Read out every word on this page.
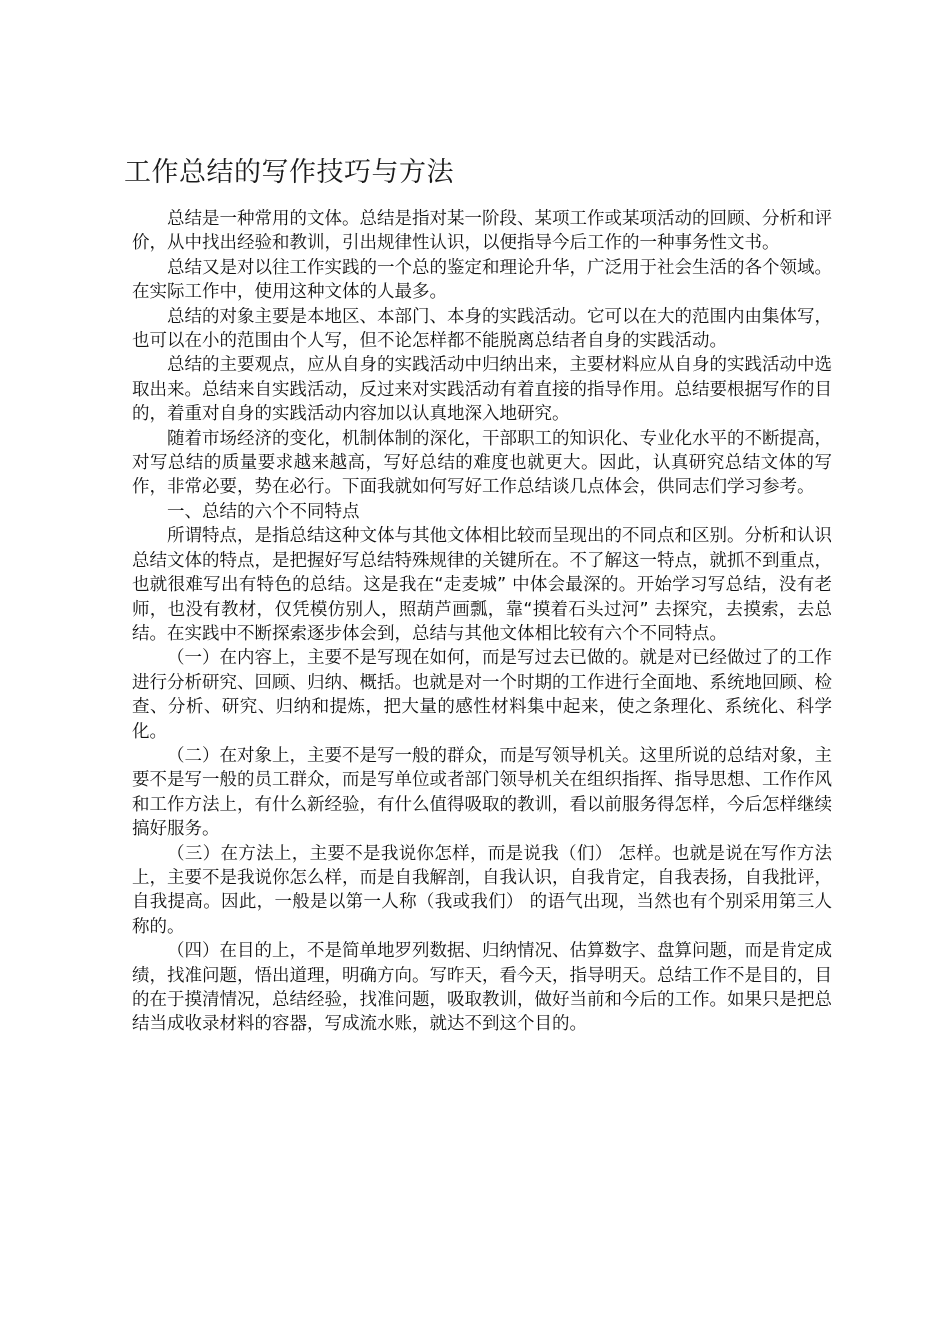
工作总结的写作技巧与方法

总结是一种常用的文体。总结是指对某一阶段、某项工作或某项活动的回顾、分析和评价，从中找出经验和教训，引出规律性认识，以便指导今后工作的一种事务性文书。

总结又是对以往工作实践的一个总的鉴定和理论升华，广泛用于社会生活的各个领域。在实际工作中，使用这种文体的人最多。

总结的对象主要是本地区、本部门、本身的实践活动。它可以在大的范围内由集体写，也可以在小的范围由个人写，但不论怎样都不能脱离总结者自身的实践活动。

总结的主要观点，应从自身的实践活动中归纳出来，主要材料应从自身的实践活动中选取出来。总结来自实践活动，反过来对实践活动有着直接的指导作用。总结要根据写作的目的，着重对自身的实践活动内容加以认真地深入地研究。

随着市场经济的变化，机制体制的深化，干部职工的知识化、专业化水平的不断提高，对写总结的质量要求越来越高，写好总结的难度也就更大。因此，认真研究总结文体的写作，非常必要，势在必行。下面我就如何写好工作总结谈几点体会，供同志们学习参考。

一、总结的六个不同特点

所谓特点，是指总结这种文体与其他文体相比较而呈现出的不同点和区别。分析和认识总结文体的特点，是把握好写总结特殊规律的关键所在。不了解这一特点，就抓不到重点，也就很难写出有特色的总结。这是我在“走麦城” 中体会最深的。开始学习写总结，没有老师，也没有教材，仅凭模仿别人，照葫芦画瓢，靠“摸着石头过河” 去探究，去摸索，去总结。在实践中不断探索逐步体会到，总结与其他文体相比较有六个不同特点。

（一）在内容上，主要不是写现在如何，而是写过去已做的。就是对已经做过了的工作进行分析研究、回顾、归纳、概括。也就是对一个时期的工作进行全面地、系统地回顾、检查、分析、研究、归纳和提炼，把大量的感性材料集中起来，使之条理化、系统化、科学化。

（二）在对象上，主要不是写一般的群众，而是写领导机关。这里所说的总结对象，主要不是写一般的员工群众，而是写单位或者部门领导机关在组织指挥、指导思想、工作作风和工作方法上，有什么新经验，有什么值得吸取的教训，看以前服务得怎样，今后怎样继续搞好服务。

（三）在方法上，主要不是我说你怎样，而是说我（们） 怎样。也就是说在写作方法上，主要不是我说你怎么样，而是自我解剖，自我认识，自我肯定，自我表扬，自我批评，自我提高。因此，一般是以第一人称（我或我们） 的语气出现，当然也有个别采用第三人称的。

（四）在目的上，不是简单地罗列数据、归纳情况、估算数字、盘算问题，而是肯定成绩，找准问题，悟出道理，明确方向。写昨天，看今天，指导明天。总结工作不是目的，目的在于摸清情况，总结经验，找准问题，吸取教训，做好当前和今后的工作。如果只是把总结当成收录材料的容器，写成流水账，就达不到这个目的。
